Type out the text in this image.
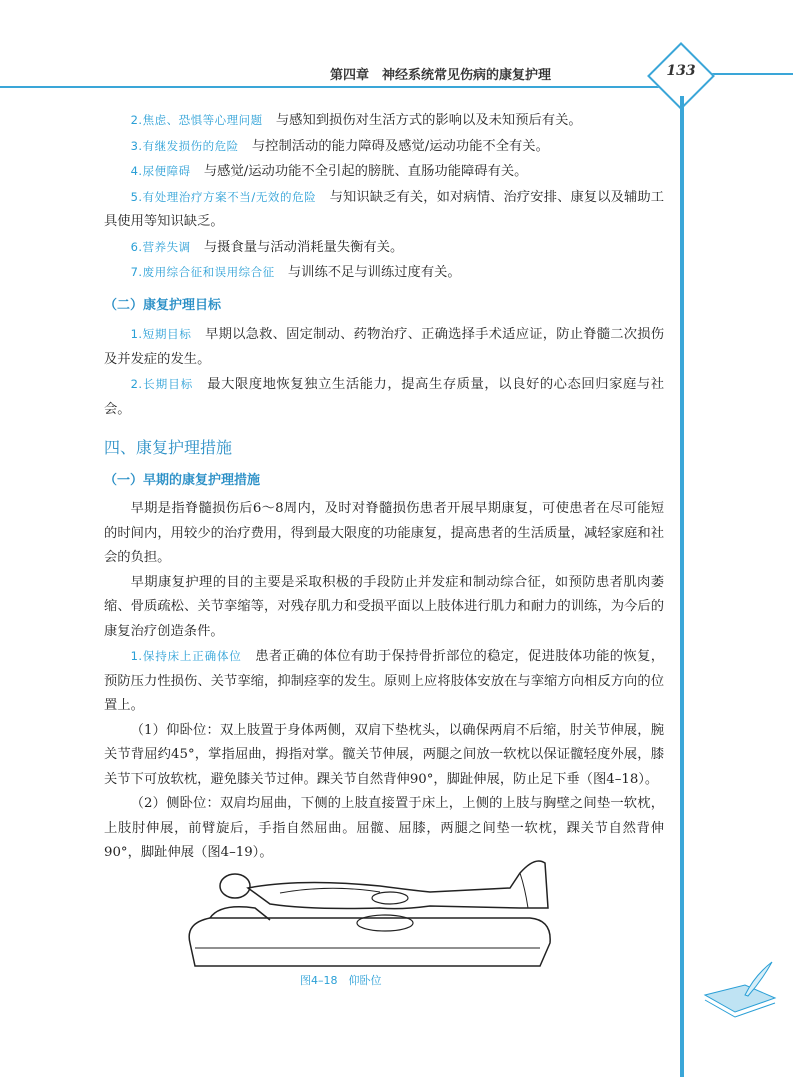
第四章　神经系统常见伤病的康复护理	133

2.焦虑、恐惧等心理问题　 与感知到损伤对生活方式的影响以及未知预后有关。

3.有继发损伤的危险　 与控制活动的能力障碍及感觉/运动功能不全有关。

4.尿便障碍　 与感觉/运动功能不全引起的膀胱、直肠功能障碍有关。

5.有处理治疗方案不当/无效的危险　 与知识缺乏有关，如对病情、治疗安排、康复以及辅助工具使用等知识缺乏。

6.营养失调　 与摄食量与活动消耗量失衡有关。

7.废用综合征和误用综合征　 与训练不足与训练过度有关。

（二）康复护理目标

1.短期目标　 早期以急救、固定制动、药物治疗、正确选择手术适应证，防止脊髓二次损伤及并发症的发生。

2.长期目标　 最大限度地恢复独立生活能力，提高生存质量，以良好的心态回归家庭与社会。

四、康复护理措施

（一）早期的康复护理措施

早期是指脊髓损伤后6～8周内，及时对脊髓损伤患者开展早期康复，可使患者在尽可能短的时间内，用较少的治疗费用，得到最大限度的功能康复，提高患者的生活质量，减轻家庭和社会的负担。

早期康复护理的目的主要是采取积极的手段防止并发症和制动综合征，如预防患者肌肉萎缩、骨质疏松、关节挛缩等，对残存肌力和受损平面以上肢体进行肌力和耐力的训练，为今后的康复治疗创造条件。

1.保持床上正确体位　 患者正确的体位有助于保持骨折部位的稳定，促进肢体功能的恢复，预防压力性损伤、关节挛缩，抑制痉挛的发生。原则上应将肢体安放在与挛缩方向相反方向的位置上。

（1）仰卧位：双上肢置于身体两侧，双肩下垫枕头，以确保两肩不后缩，肘关节伸展，腕关节背屈约45°，掌指屈曲，拇指对掌。髋关节伸展，两腿之间放一软枕以保证髋轻度外展，膝关节下可放软枕，避免膝关节过伸。踝关节自然背伸90°，脚趾伸展，防止足下垂（图4–18）。

（2）侧卧位：双肩均屈曲，下侧的上肢直接置于床上，上侧的上肢与胸壁之间垫一软枕，上肢肘伸展，前臂旋后，手指自然屈曲。屈髋、屈膝，两腿之间垫一软枕，踝关节自然背伸90°，脚趾伸展（图4–19）。

图4–18　仰卧位
